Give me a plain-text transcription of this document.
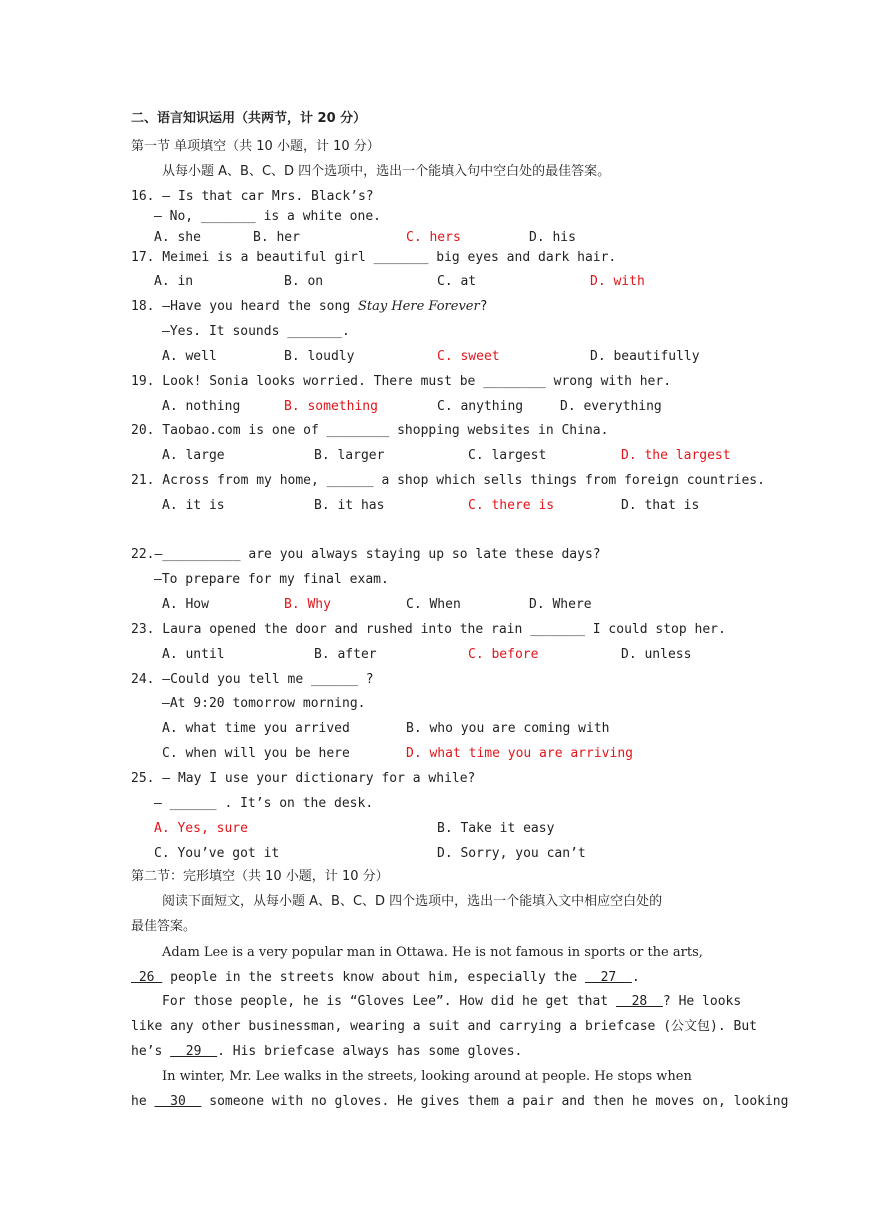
二、语言知识运用（共两节，计 20 分）
第一节 单项填空（共 10 小题，计 10 分）
从每小题 A、B、C、D 四个选项中，选出一个能填入句中空白处的最佳答案。
16. — Is that car Mrs. Black’s?
— No, _______ is a white one.
A. she	B. her	C. hers	D. his
17. Meimei is a beautiful girl _______ big eyes and dark hair.
A. in	B. on	C. at	D. with
18. —Have you heard the song Stay Here Forever?
—Yes. It sounds _______.
A. well	B. loudly	C. sweet	D. beautifully
19. Look! Sonia looks worried. There must be ________ wrong with her.
A. nothing	B. something	C. anything	D. everything
20. Taobao.com is one of ________ shopping websites in China.
A. large	B. larger	C. largest	D. the largest
21. Across from my home, ______ a shop which sells things from foreign countries.
A. it is	B. it has	C. there is	D. that is
22.—__________ are you always staying up so late these days?
—To prepare for my final exam.
A. How	B. Why	C. When	D. Where
23. Laura opened the door and rushed into the rain _______ I could stop her.
A. until	B. after	C. before	D. unless
24. —Could you tell me ______ ?
—At 9:20 tomorrow morning.
A. what time you arrived	B. who you are coming with
C. when will you be here	D. what time you are arriving
25. — May I use your dictionary for a while?
— ______ . It’s on the desk.
A. Yes, sure	B. Take it easy
C. You’ve got it	D. Sorry, you can’t
第二节：完形填空（共 10 小题，计 10 分）
阅读下面短文，从每小题 A、B、C、D 四个选项中，选出一个能填入文中相应空白处的
最佳答案。
Adam Lee is a very popular man in Ottawa. He is not famous in sports or the arts,
26  people in the streets know about him, especially the   27  .
For those people, he is “Gloves Lee”. How did he get that   28  ? He looks
like any other businessman, wearing a suit and carrying a briefcase (公文包). But
he’s   29  . His briefcase always has some gloves.
In winter, Mr. Lee walks in the streets, looking around at people. He stops when
he   30   someone with no gloves. He gives them a pair and then he moves on, looking
